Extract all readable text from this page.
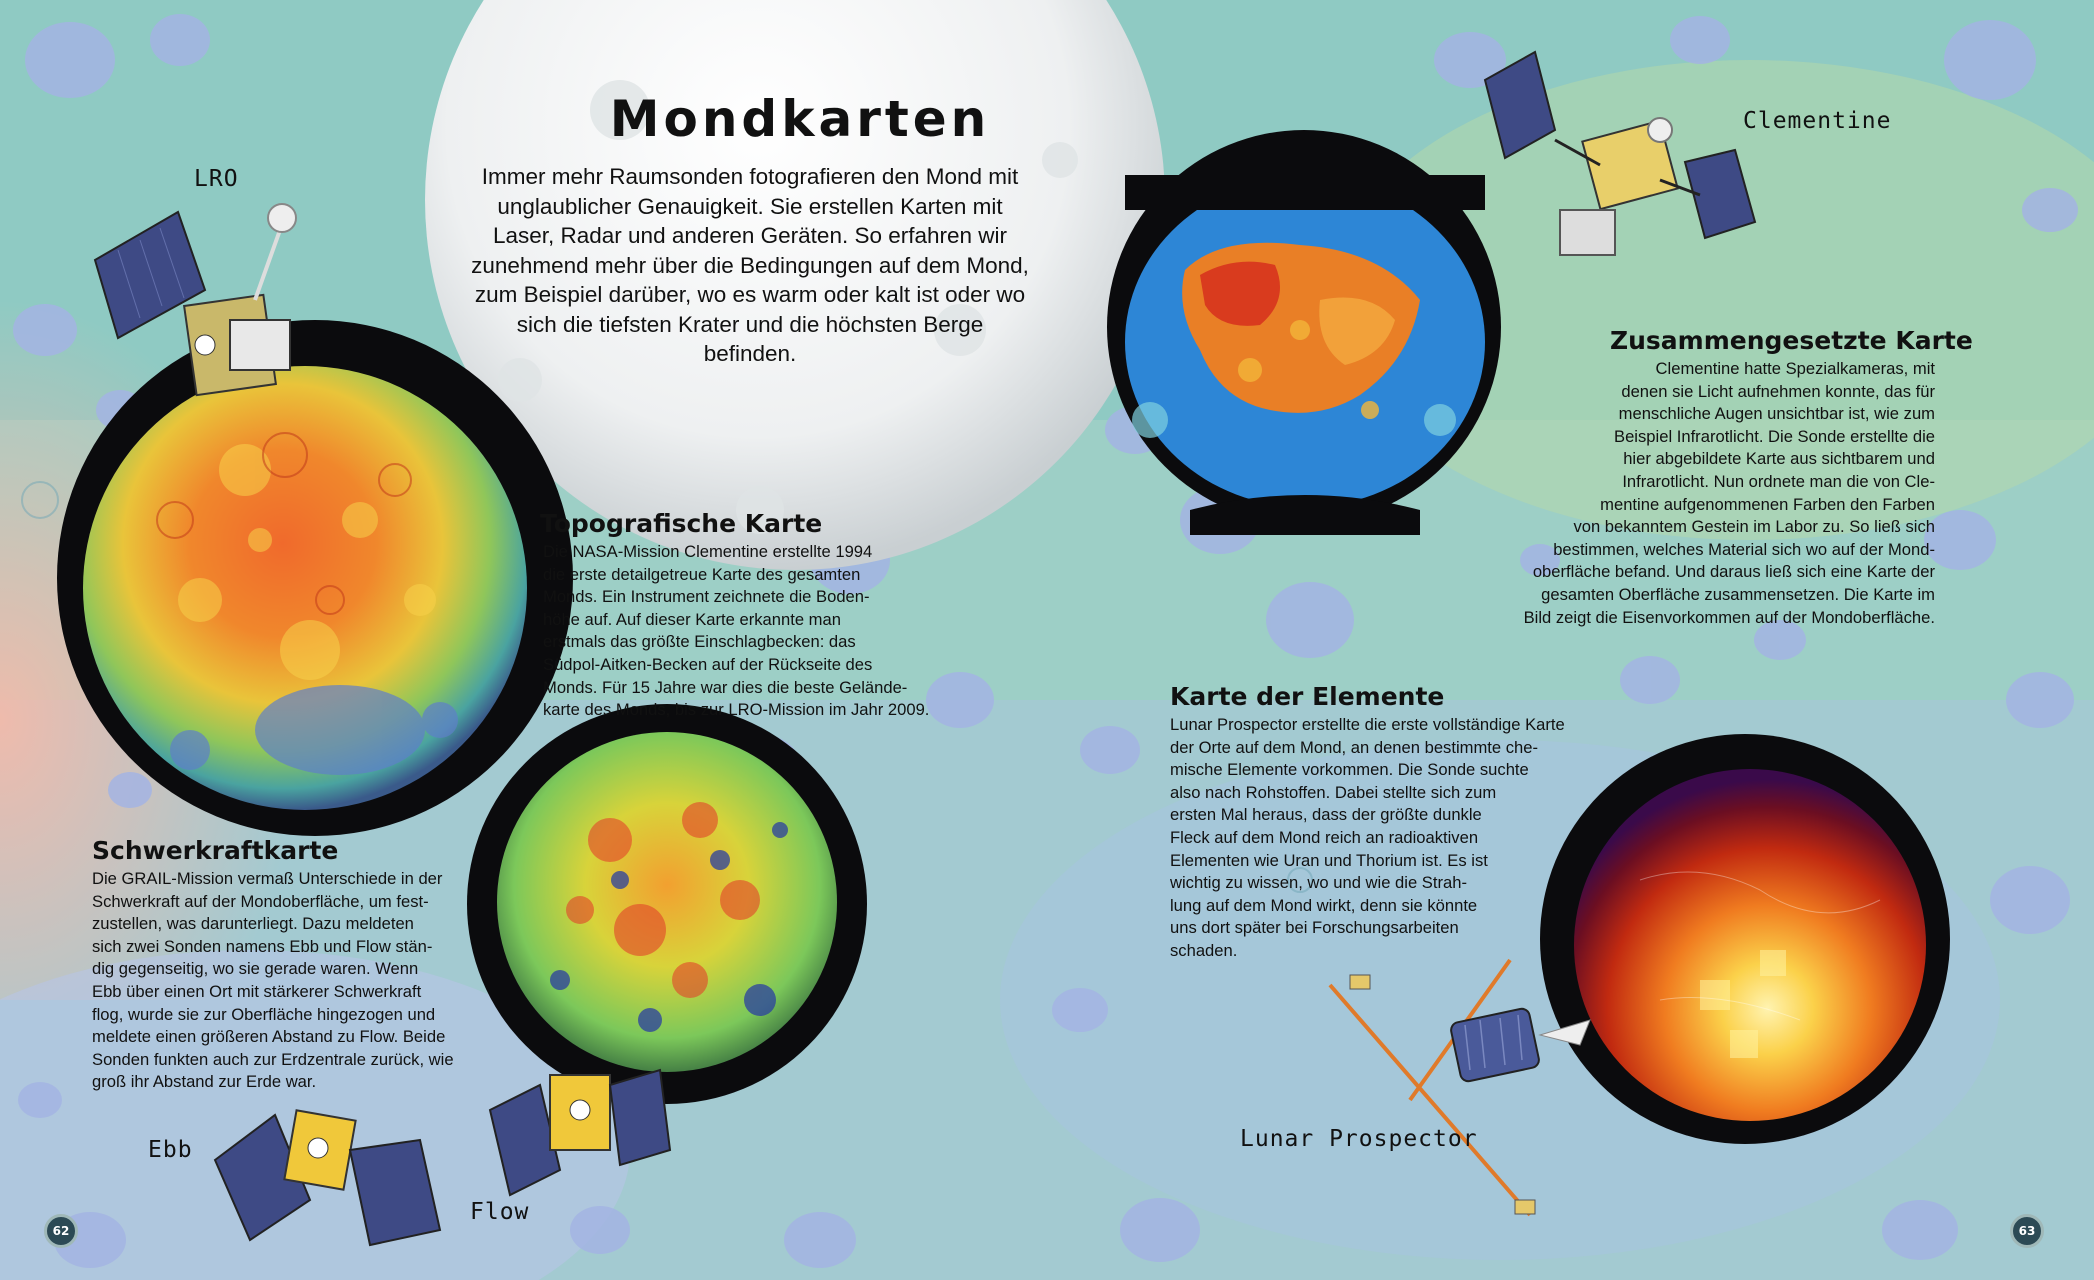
Mondkarten
Immer mehr Raumsonden fotografieren den Mond mit unglaublicher Genauigkeit. Sie erstellen Karten mit Laser, Radar und anderen Geräten. So erfahren wir zunehmend mehr über die Bedingungen auf dem Mond, zum Beispiel darüber, wo es warm oder kalt ist oder wo sich die tiefsten Krater und die höchsten Berge befinden.
Topografische Karte

Die NASA-Mission Clementine erstellte 1994

die erste detailgetreue Karte des gesamten

Monds. Ein Instrument zeichnete die Boden-

höhe auf. Auf dieser Karte erkannte man

erstmals das größte Einschlagbecken: das

Südpol-Aitken-Becken auf der Rückseite des

Monds. Für 15 Jahre war dies die beste Gelände-

karte des Monds, bis zur LRO-Mission im Jahr 2009.

Zusammengesetzte Karte

Clementine hatte Spezialkameras, mit

denen sie Licht aufnehmen konnte, das für

menschliche Augen unsichtbar ist, wie zum

Beispiel Infrarotlicht. Die Sonde erstellte die

hier abgebildete Karte aus sichtbarem und

Infrarotlicht. Nun ordnete man die von Cle-

mentine aufgenommenen Farben den Farben

von bekanntem Gestein im Labor zu. So ließ sich

bestimmen, welches Material sich wo auf der Mond-

oberfläche befand. Und daraus ließ sich eine Karte der

gesamten Oberfläche zusammensetzen. Die Karte im

Bild zeigt die Eisenvorkommen auf der Mondoberfläche.

Schwerkraftkarte

Die GRAIL-Mission vermaß Unterschiede in der

Schwerkraft auf der Mondoberfläche, um fest-

zustellen, was darunterliegt. Dazu meldeten

sich zwei Sonden namens Ebb und Flow stän-

dig gegenseitig, wo sie gerade waren. Wenn

Ebb über einen Ort mit stärkerer Schwerkraft

flog, wurde sie zur Oberfläche hingezogen und

meldete einen größeren Abstand zu Flow. Beide

Sonden funkten auch zur Erdzentrale zurück, wie

groß ihr Abstand zur Erde war.

Karte der Elemente

Lunar Prospector erstellte die erste vollständige Karte

der Orte auf dem Mond, an denen bestimmte che-

mische Elemente vorkommen. Die Sonde suchte

also nach Rohstoffen. Dabei stellte sich zum

ersten Mal heraus, dass der größte dunkle

Fleck auf dem Mond reich an radioaktiven

Elementen wie Uran und Thorium ist. Es ist

wichtig zu wissen, wo und wie die Strah-

lung auf dem Mond wirkt, denn sie könnte

uns dort später bei Forschungsarbeiten

schaden.

LRO
Clementine
Ebb
Flow
Lunar Prospector
62	63
